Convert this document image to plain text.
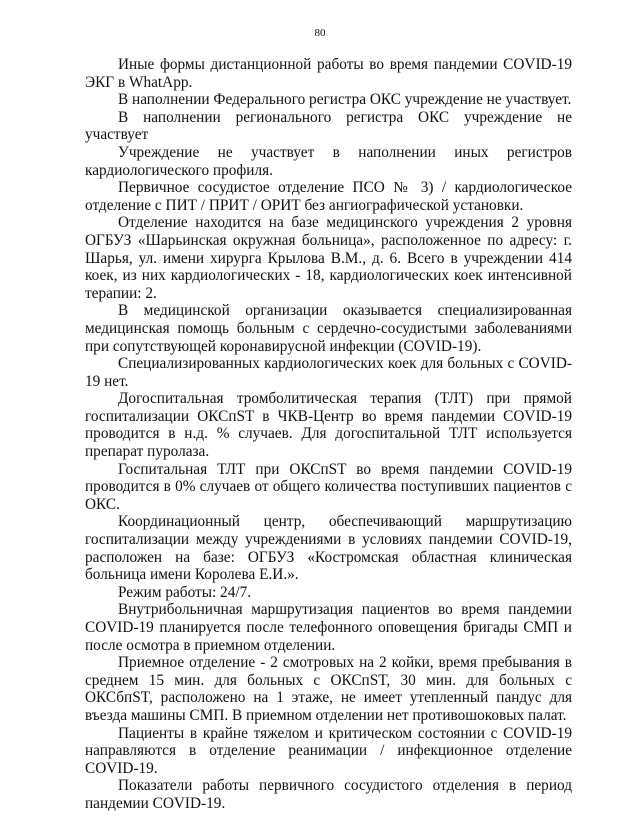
80

Иные формы дистанционной работы во время пандемии COVID-19 ЭКГ в WhatApp.

В наполнении Федерального регистра ОКС учреждение не участвует.

В наполнении регионального регистра ОКС учреждение не участвует

Учреждение не участвует в наполнении иных регистров кардиологического профиля.

Первичное сосудистое отделение ПСО № 3) / кардиологическое отделение с ПИТ / ПРИТ / ОРИТ без ангиографической установки.

Отделение находится на базе медицинского учреждения 2 уровня ОГБУЗ «Шарьинская окружная больница», расположенное по адресу: г. Шарья, ул. имени хирурга Крылова В.М., д. 6. Всего в учреждении 414 коек, из них кардиологических - 18, кардиологических коек интенсивной терапии: 2.

В медицинской организации оказывается специализированная медицинская помощь больным с сердечно-сосудистыми заболеваниями при сопутствующей коронавирусной инфекции (COVID-19).

Специализированных кардиологических коек для больных с COVID-19 нет.

Догоспитальная тромболитическая терапия (ТЛТ) при прямой госпитализации ОКСпST в ЧКВ-Центр во время пандемии COVID-19 проводится в н.д. % случаев. Для догоспитальной ТЛТ используется препарат пуролаза.

Госпитальная ТЛТ при ОКСпST во время пандемии COVID-19 проводится в 0% случаев от общего количества поступивших пациентов с ОКС.

Координационный центр, обеспечивающий маршрутизацию госпитализации между учреждениями в условиях пандемии COVID-19, расположен на базе: ОГБУЗ «Костромская областная клиническая больница имени Королева Е.И.».

Режим работы: 24/7.

Внутрибольничная маршрутизация пациентов во время пандемии COVID-19 планируется после телефонного оповещения бригады СМП и после осмотра в приемном отделении.

Приемное отделение - 2 смотровых на 2 койки, время пребывания в среднем 15 мин. для больных с ОКСпST, 30 мин. для больных с ОКСбпST, расположено на 1 этаже, не имеет утепленный пандус для въезда машины СМП. В приемном отделении нет противошоковых палат.

Пациенты в крайне тяжелом и критическом состоянии с COVID-19 направляются в отделение реанимации / инфекционное отделение COVID-19.

Показатели работы первичного сосудистого отделения в период пандемии COVID-19.
